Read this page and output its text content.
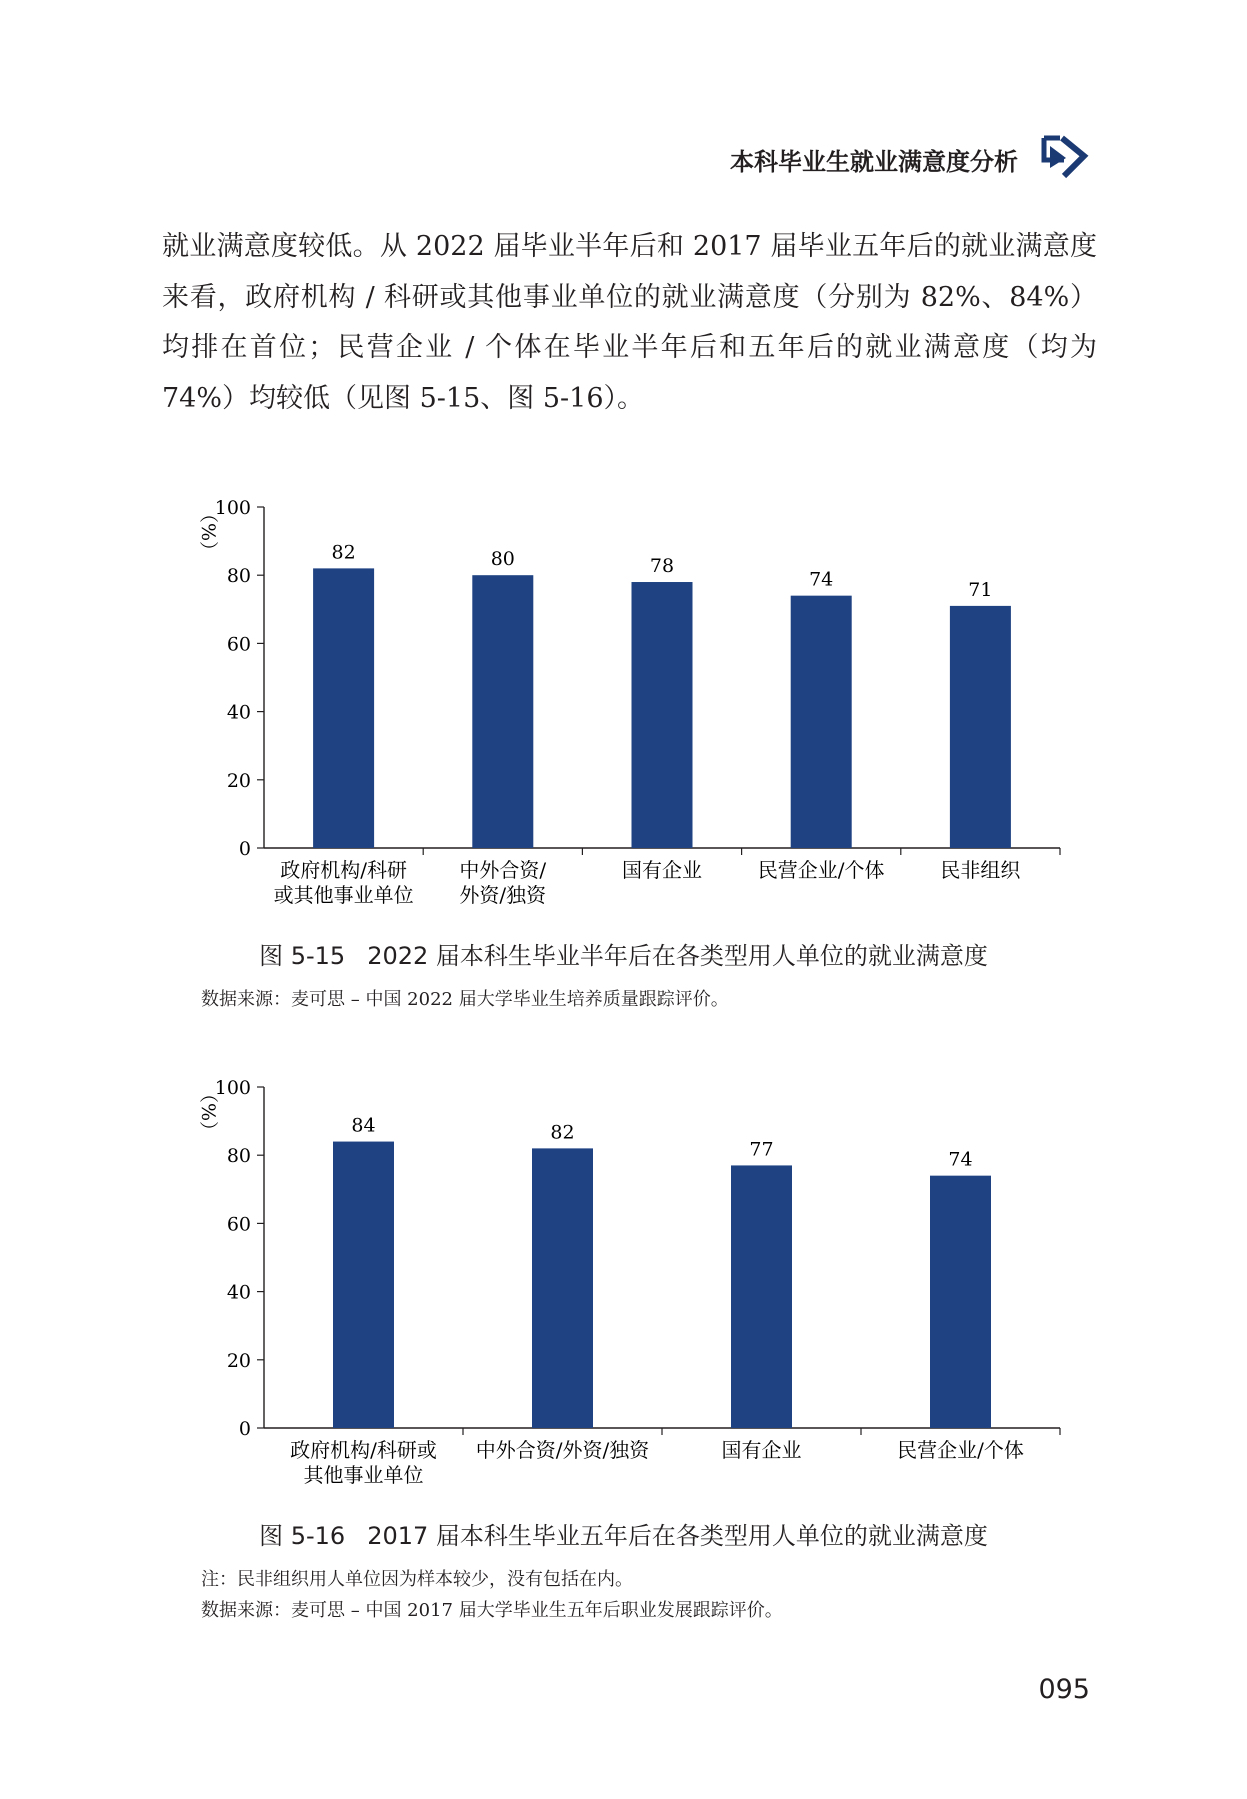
本科毕业生就业满意度分析

就业满意度较低。从 2022 届毕业半年后和 2017 届毕业五年后的就业满意度来看，政府机构 / 科研或其他事业单位的就业满意度（分别为 82%、84%）均排在首位；民营企业 / 个体在毕业半年后和五年后的就业满意度（均为 74%）均较低（见图 5-15、图 5-16）。

（%）
0
20
40
60
80
100
82
政府机构/科研
或其他事业单位
80
中外合资/
外资/独资
78
国有企业
74
民营企业/个体
71
民非组织
图 5-15 2022 届本科生毕业半年后在各类型用人单位的就业满意度
数据来源：麦可思 – 中国 2022 届大学毕业生培养质量跟踪评价。
（%）
0
20
40
60
80
100
84
政府机构/科研或
其他事业单位
82
中外合资/外资/独资
77
国有企业
74
民营企业/个体
图 5-16 2017 届本科生毕业五年后在各类型用人单位的就业满意度
注：民非组织用人单位因为样本较少，没有包括在内。
数据来源：麦可思 – 中国 2017 届大学毕业生五年后职业发展跟踪评价。
095
